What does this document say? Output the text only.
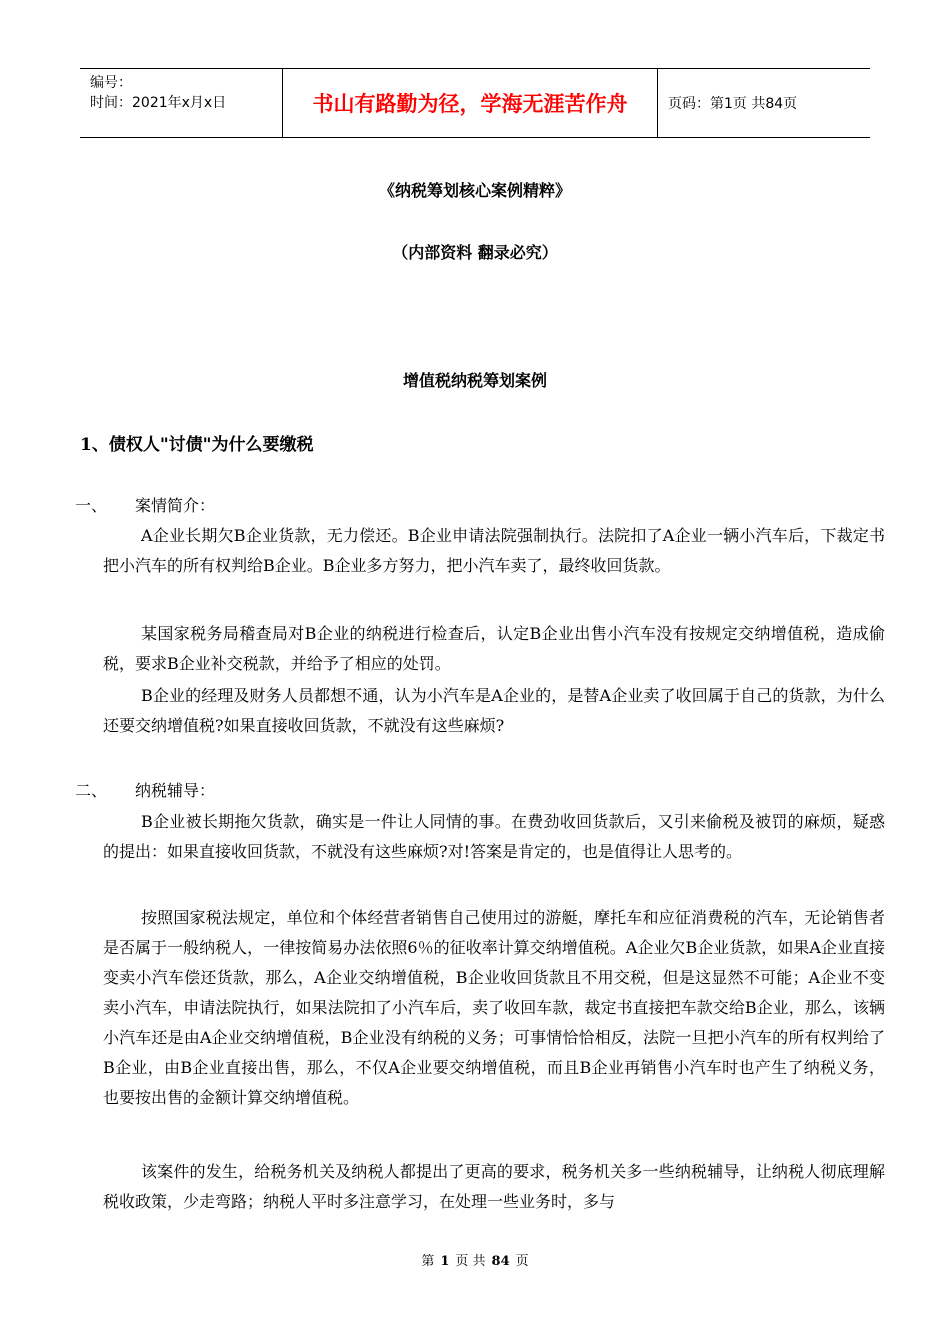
编号：
时间：2021年x月x日	书山有路勤为径，学海无涯苦作舟	页码：第1页 共84页
《纳税筹划核心案例精粹》
（内部资料 翻录必究）
增值税纳税筹划案例
1、债权人"讨债"为什么要缴税
一、 案情简介：
A企业长期欠B企业货款，无力偿还。B企业申请法院强制执行。法院扣了A企业一辆小汽车后，下裁定书把小汽车的所有权判给B企业。B企业多方努力，把小汽车卖了，最终收回货款。
某国家税务局稽查局对B企业的纳税进行检查后，认定B企业出售小汽车没有按规定交纳增值税，造成偷税，要求B企业补交税款，并给予了相应的处罚。
B企业的经理及财务人员都想不通，认为小汽车是A企业的，是替A企业卖了收回属于自己的货款，为什么还要交纳增值税?如果直接收回货款，不就没有这些麻烦?
二、 纳税辅导：
B企业被长期拖欠货款，确实是一件让人同情的事。在费劲收回货款后，又引来偷税及被罚的麻烦，疑惑的提出：如果直接收回货款，不就没有这些麻烦?对!答案是肯定的，也是值得让人思考的。
按照国家税法规定，单位和个体经营者销售自己使用过的游艇，摩托车和应征消费税的汽车，无论销售者是否属于一般纳税人，一律按简易办法依照6％的征收率计算交纳增值税。A企业欠B企业货款，如果A企业直接变卖小汽车偿还货款，那么，A企业交纳增值税，B企业收回货款且不用交税，但是这显然不可能；A企业不变卖小汽车，申请法院执行，如果法院扣了小汽车后，卖了收回车款，裁定书直接把车款交给B企业，那么，该辆小汽车还是由A企业交纳增值税，B企业没有纳税的义务；可事情恰恰相反，法院一旦把小汽车的所有权判给了B企业，由B企业直接出售，那么，不仅A企业要交纳增值税，而且B企业再销售小汽车时也产生了纳税义务，也要按出售的金额计算交纳增值税。
该案件的发生，给税务机关及纳税人都提出了更高的要求，税务机关多一些纳税辅导，让纳税人彻底理解税收政策，少走弯路；纳税人平时多注意学习，在处理一些业务时，多与
第 1 页 共 84 页
